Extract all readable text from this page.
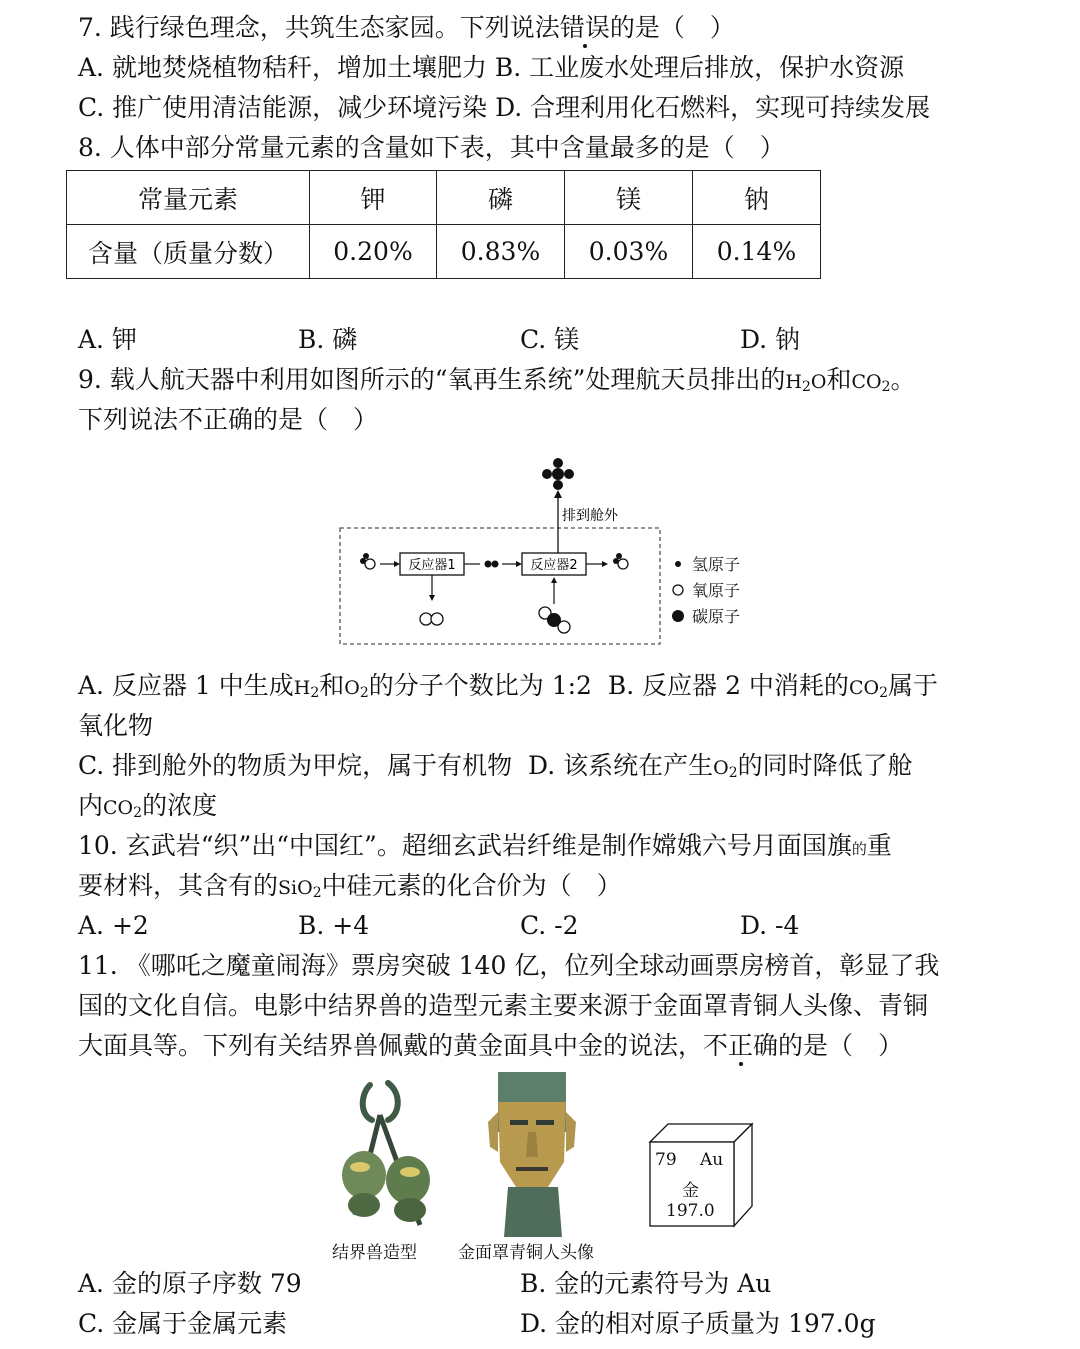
7. 践行绿色理念，共筑生态家园。下列说法错误的是（　）
A. 就地焚烧植物秸秆，增加土壤肥力 B. 工业废水处理后排放，保护水资源
C. 推广使用清洁能源，减少环境污染 D. 合理利用化石燃料，实现可持续发展
8. 人体中部分常量元素的含量如下表，其中含量最多的是（　）
常量元素	钾	磷	镁	钠
含量（质量分数）	0.20%	0.83%	0.03%	0.14%
A. 钾	B. 磷	C. 镁	D. 钠
9. 载人航天器中利用如图所示的“氧再生系统”处理航天员排出的$H_2O$和$CO_2$。
下列说法不正确的是（　）
排到舱外
反应器1	反应器2	氢原子
氧原子
碳原子
A. 反应器 1 中生成$H_2$和$O_2$的分子个数比为 1:2 B. 反应器 2 中消耗的$CO_2$属于
氧化物
C. 排到舱外的物质为甲烷，属于有机物 D. 该系统在产生$O_2$的同时降低了舱
内$CO_2$的浓度
10. 玄武岩“织”出“中国红”。超细玄武岩纤维是制作嫦娥六号月面国旗的重
要材料，其含有的SiO$_2$中硅元素的化合价为（　）
A. +2	B. +4	C. -2	D. -4
11. 《哪吒之魔童闹海》票房突破 140 亿，位列全球动画票房榜首，彰显了我
国的文化自信。电影中结界兽的造型元素主要来源于金面罩青铜人头像、青铜
大面具等。下列有关结界兽佩戴的黄金面具中金的说法，不正确的是（　）
结界兽造型 金面罩青铜人头像
79 Au
金
197.0
A. 金的原子序数 79	B. 金的元素符号为 Au
C. 金属于金属元素	D. 金的相对原子质量为 197.0g
